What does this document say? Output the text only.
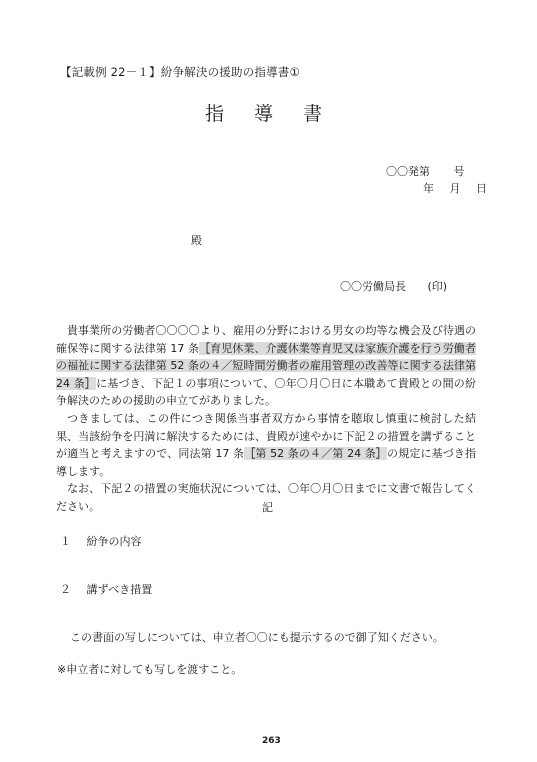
【記載例 22－１】紛争解決の援助の指導書①
指導書
〇〇発第 号
年 月 日
殿
〇〇労働局長 (印)

貴事業所の労働者〇〇〇〇より、雇用の分野における男女の均等な機会及び待遇の確保等に関する法律第 17 条［育児休業、介護休業等育児又は家族介護を行う労働者の福祉に関する法律第 52 条の４／短時間労働者の雇用管理の改善等に関する法律第 24 条］に基づき、下記１の事項について、〇年〇月〇日に本職あて貴殿との間の紛争解決のための援助の申立てがありました。

つきましては、この件につき関係当事者双方から事情を聴取し慎重に検討した結果、当該紛争を円満に解決するためには、貴殿が速やかに下記２の措置を講ずることが適当と考えますので、同法第 17 条［第 52 条の４／第 24 条］の規定に基づき指導します。

なお、下記２の措置の実施状況については、〇年〇月〇日までに文書で報告してください。	記
１ 紛争の内容
２ 講ずべき措置
この書面の写しについては、申立者〇〇にも提示するので御了知ください。
※申立者に対しても写しを渡すこと。
263
